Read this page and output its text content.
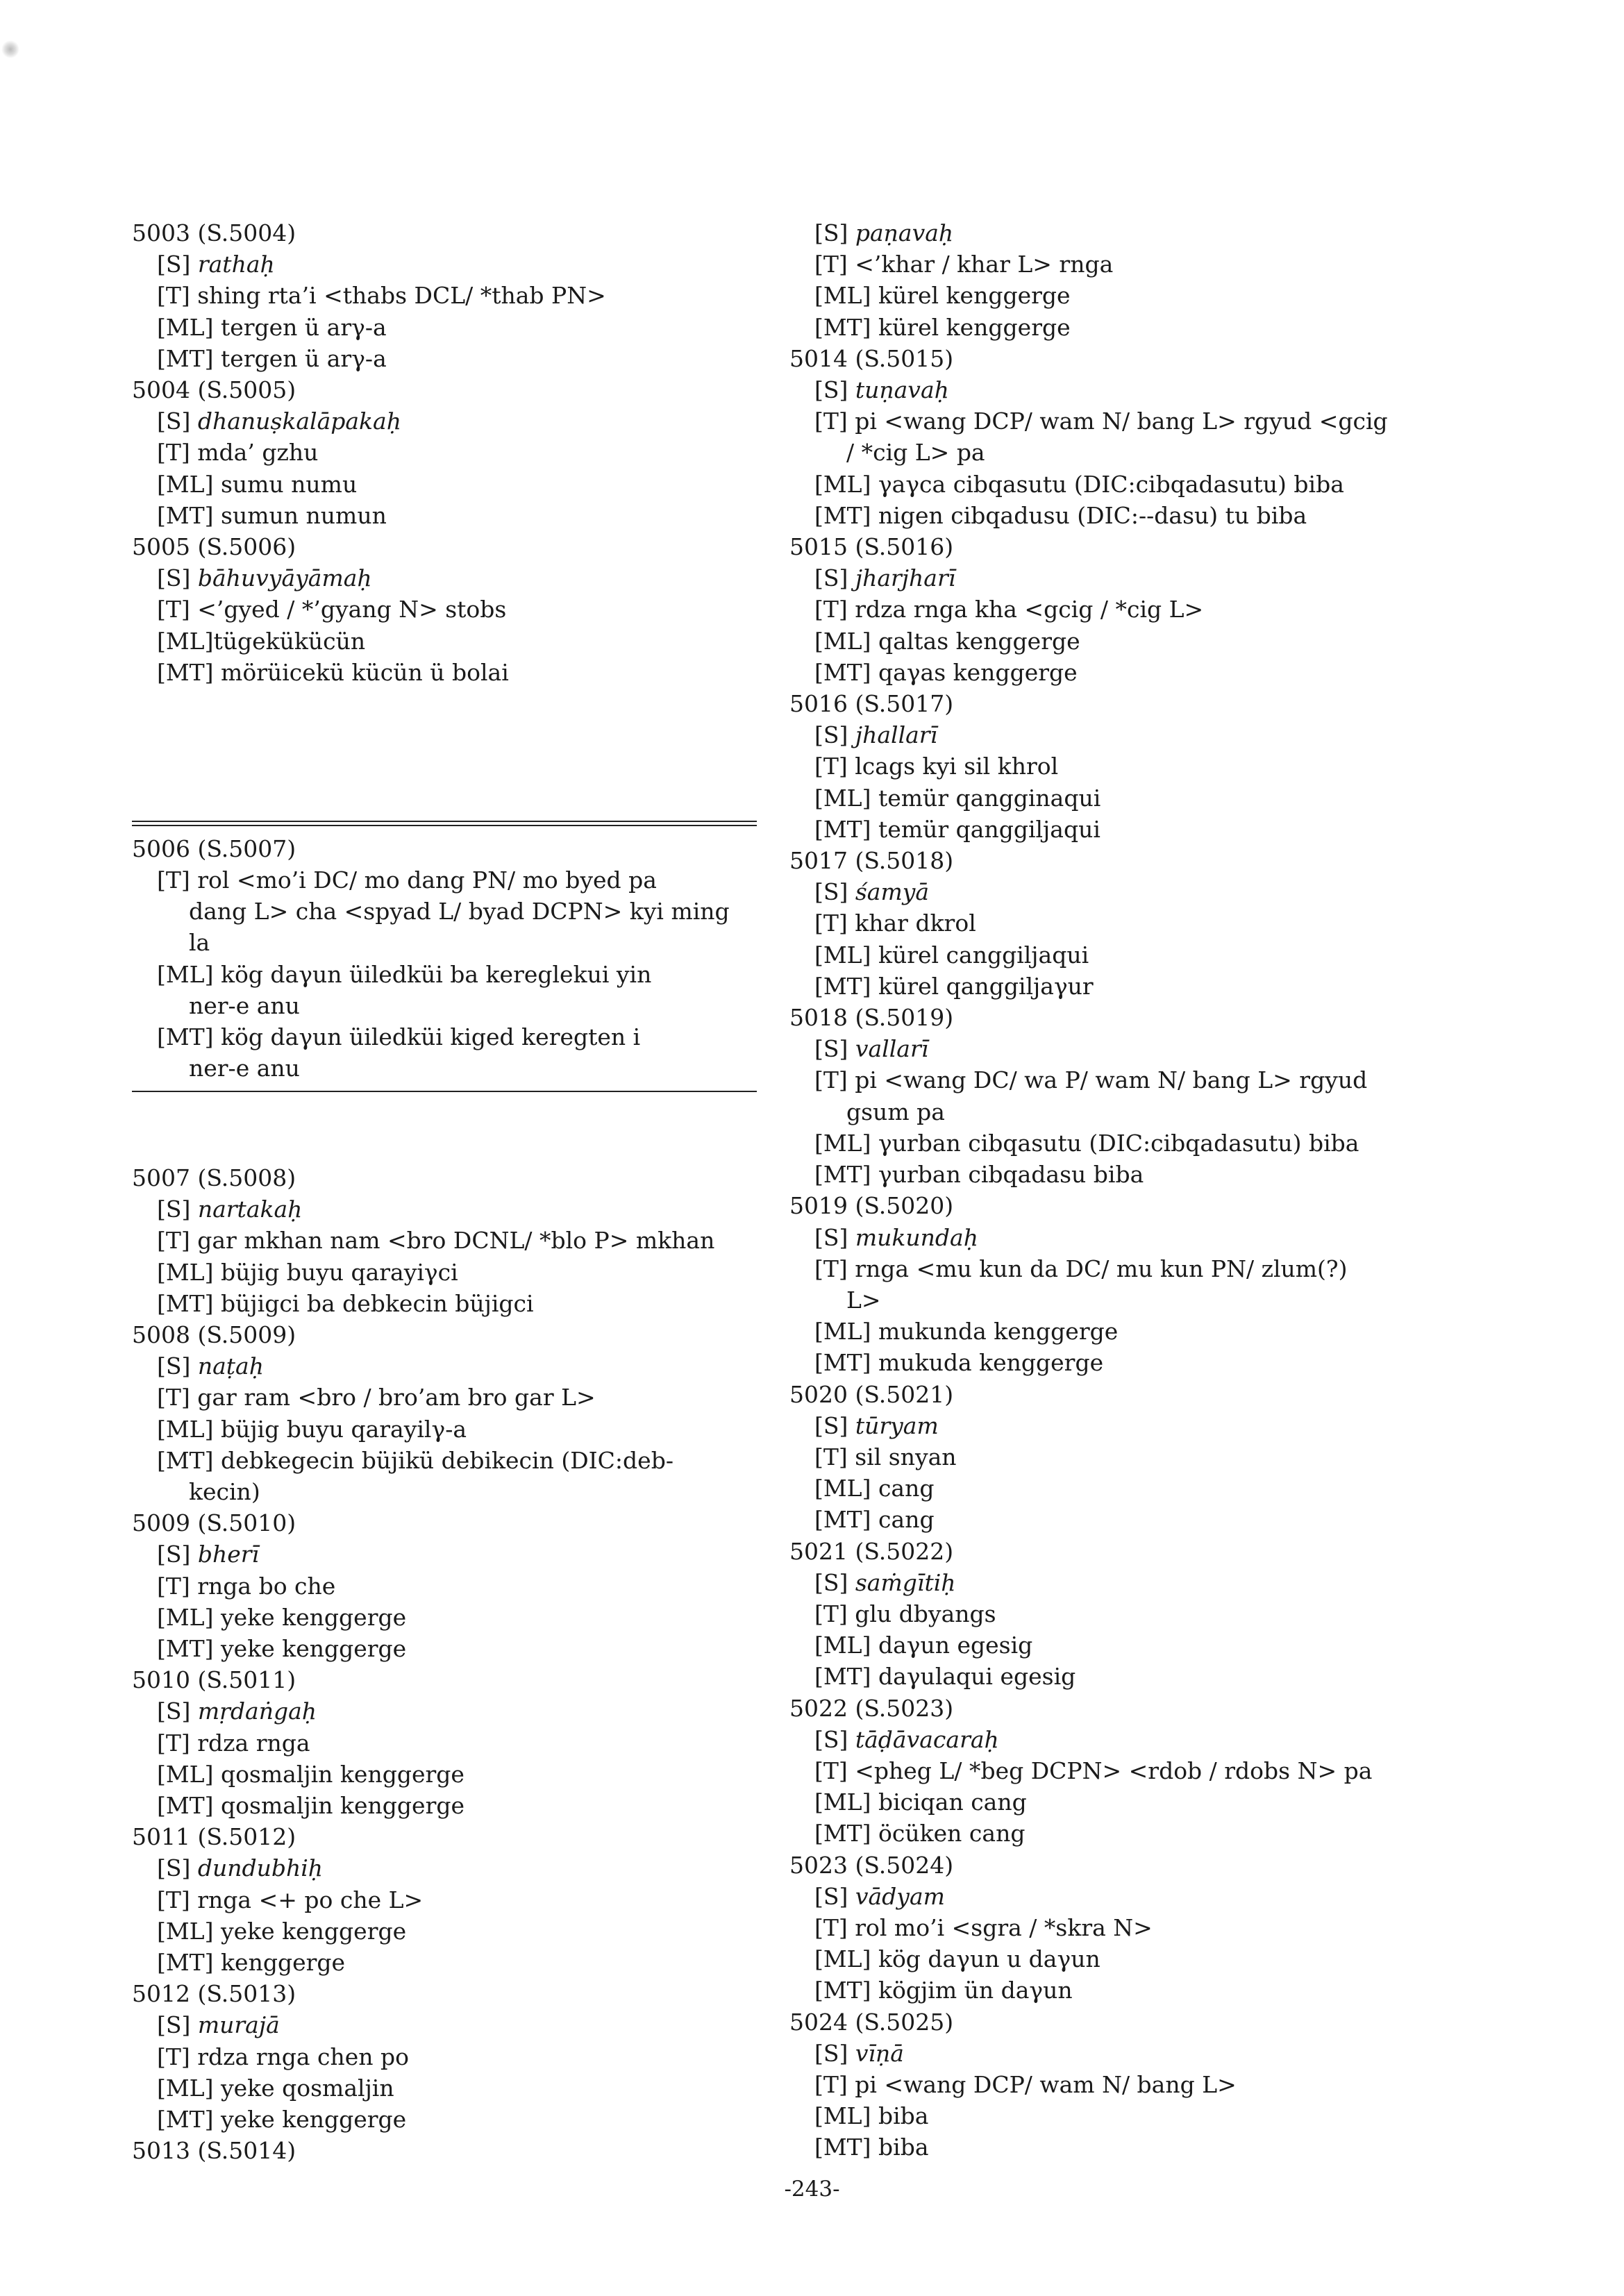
5003 (S.5004)
[S] rathaḥ
[T] shing rta’i <thabs DCL/ *thab PN>
[ML] tergen ü arγ-a
[MT] tergen ü arγ-a
5004 (S.5005)
[S] dhanuṣkalāpakaḥ
[T] mda’ gzhu
[ML] sumu numu
[MT] sumun numun
5005 (S.5006)
[S] bāhuvyāyāmaḥ
[T] <’gyed / *’gyang N> stobs
[ML]tügekükücün
[MT] mörüicekü kücün ü bolai

5006 (S.5007)
[T] rol <mo’i DC/ mo dang PN/ mo byed pa
dang L> cha <spyad L/ byad DCPN> kyi ming
la
[ML] kög daγun üiledküi ba kereglekui yin
ner-e anu
[MT] kög daγun üiledküi kiged keregten i
ner-e anu

5007 (S.5008)
[S] nartakaḥ
[T] gar mkhan nam <bro DCNL/ *blo P> mkhan
[ML] büjig buyu qarayiγci
[MT] büjigci ba debkecin büjigci
5008 (S.5009)
[S] naṭaḥ
[T] gar ram <bro / bro’am bro gar L>
[ML] büjig buyu qarayilγ-a
[MT] debkegecin büjikü debikecin (DIC:deb-
kecin)
5009 (S.5010)
[S] bherī
[T] rnga bo che
[ML] yeke kenggerge
[MT] yeke kenggerge
5010 (S.5011)
[S] mṛdaṅgaḥ
[T] rdza rnga
[ML] qosmaljin kenggerge
[MT] qosmaljin kenggerge
5011 (S.5012)
[S] dundubhiḥ
[T] rnga <+ po che L>
[ML] yeke kenggerge
[MT] kenggerge
5012 (S.5013)
[S] murajā
[T] rdza rnga chen po
[ML] yeke qosmaljin
[MT] yeke kenggerge
5013 (S.5014)
[S] paṇavaḥ
[T] <’khar / khar L> rnga
[ML] kürel kenggerge
[MT] kürel kenggerge
5014 (S.5015)
[S] tuṇavaḥ
[T] pi <wang DCP/ wam N/ bang L> rgyud <gcig
/ *cig L> pa
[ML] γaγca cibqasutu (DIC:cibqadasutu) biba
[MT] nigen cibqadusu (DIC:--dasu) tu biba
5015 (S.5016)
[S] jharjharī
[T] rdza rnga kha <gcig / *cig L>
[ML] qaltas kenggerge
[MT] qaγas kenggerge
5016 (S.5017)
[S] jhallarī
[T] lcags kyi sil khrol
[ML] temür qangginaqui
[MT] temür qanggiljaqui
5017 (S.5018)
[S] śamyā
[T] khar dkrol
[ML] kürel canggiljaqui
[MT] kürel qanggiljaγur
5018 (S.5019)
[S] vallarī
[T] pi <wang DC/ wa P/ wam N/ bang L> rgyud
gsum pa
[ML] γurban cibqasutu (DIC:cibqadasutu) biba
[MT] γurban cibqadasu biba
5019 (S.5020)
[S] mukundaḥ
[T] rnga <mu kun da DC/ mu kun PN/ zlum(?)
L>
[ML] mukunda kenggerge
[MT] mukuda kenggerge
5020 (S.5021)
[S] tūryam
[T] sil snyan
[ML] cang
[MT] cang
5021 (S.5022)
[S] saṁgītiḥ
[T] glu dbyangs
[ML] daγun egesig
[MT] daγulaqui egesig
5022 (S.5023)
[S] tāḍāvacaraḥ
[T] <pheg L/ *beg DCPN> <rdob / rdobs N> pa
[ML] biciqan cang
[MT] öcüken cang
5023 (S.5024)
[S] vādyam
[T] rol mo’i <sgra / *skra N>
[ML] kög daγun u daγun
[MT] kögjim ün daγun
5024 (S.5025)
[S] vīṇā
[T] pi <wang DCP/ wam N/ bang L>
[ML] biba
[MT] biba
-243-
